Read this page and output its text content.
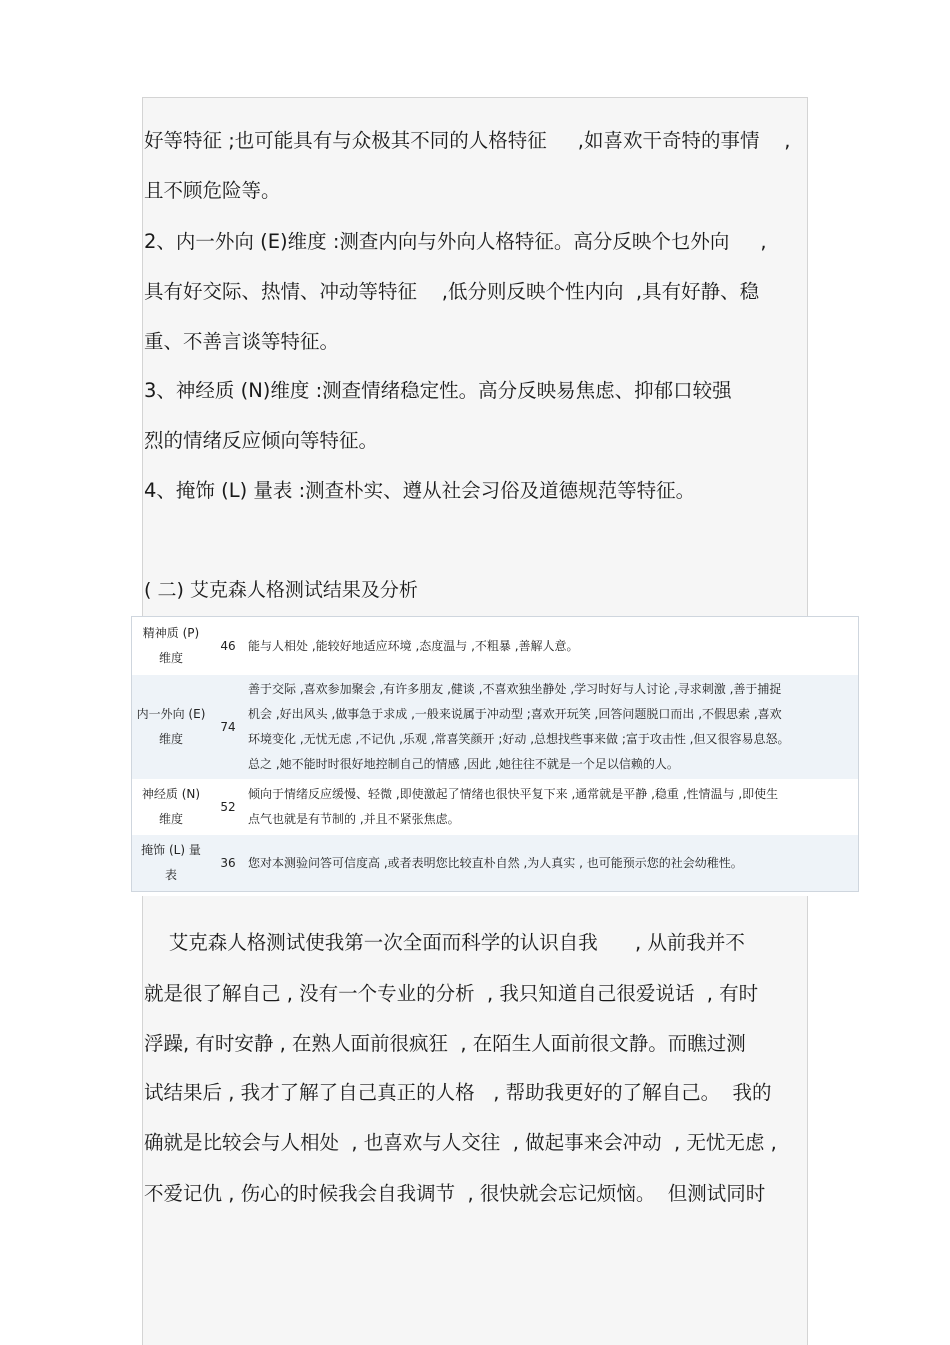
好等特征 ;也可能具有与众极其不同的人格特征     ,如喜欢干奇特的事情    ,
且不顾危险等。
2、内一外向 (E)维度 :测查内向与外向人格特征。高分反映个乜外向     ,
具有好交际、热情、冲动等特征    ,低分则反映个性内向  ,具有好静、稳
重、不善言谈等特征。
3、神经质 (N)维度 :测查情绪稳定性。高分反映易焦虑、抑郁口较强
烈的情绪反应倾向等特征。
4、掩饰 (L) 量表 :测查朴实、遵从社会习俗及道德规范等特征。
( 二) 艾克森人格测试结果及分析
精神质 (P) 维度	46	能与人相处 ,能较好地适应环境 ,态度温与 ,不粗暴 ,善解人意。
内一外向 (E) 维度	74	善于交际 ,喜欢参加聚会 ,有许多朋友 ,健谈 ,不喜欢独坐静处 ,学习时好与人讨论 ,寻求刺激 ,善于捕捉
机会 ,好出风头 ,做事急于求成 ,一般来说属于冲动型 ;喜欢开玩笑 ,回答问题脱口而出 ,不假思索 ,喜欢
环境变化 ,无忧无虑 ,不记仇 ,乐观 ,常喜笑颜开 ;好动 ,总想找些事来做 ;富于攻击性 ,但又很容易息怒。
总之 ,她不能时时很好地控制自己的情感 ,因此 ,她往往不就是一个足以信赖的人。
神经质 (N) 维度	52	倾向于情绪反应缓慢、轻微 ,即使激起了情绪也很快平复下来 ,通常就是平静 ,稳重 ,性情温与 ,即使生
点气也就是有节制的 ,并且不紧张焦虑。
掩饰 (L) 量表	36	您对本测验问答可信度高 ,或者表明您比较直朴自然 ,为人真实 , 也可能预示您的社会幼稚性。
艾克森人格测试使我第一次全面而科学的认识自我      , 从前我并不
就是很了解自己 , 没有一个专业的分析  , 我只知道自己很爱说话  , 有时
浮躁, 有时安静 , 在熟人面前很疯狂  , 在陌生人面前很文静。而瞧过测
试结果后 , 我才了解了自己真正的人格   , 帮助我更好的了解自己。  我的
确就是比较会与人相处  , 也喜欢与人交往  , 做起事来会冲动  , 无忧无虑 ,
不爱记仇 , 伤心的时候我会自我调节  , 很快就会忘记烦恼。  但测试同时
